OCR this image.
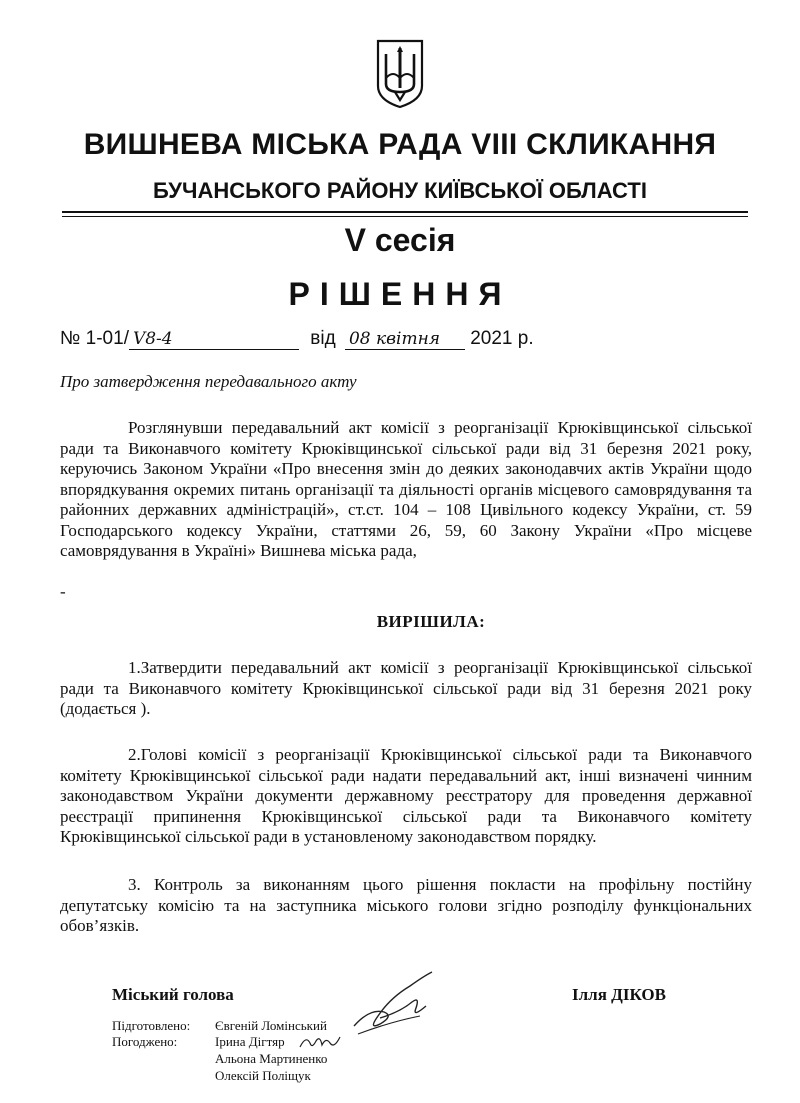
ВИШНЕВА МІСЬКА РАДА VIII СКЛИКАННЯ
БУЧАНСЬКОГО РАЙОНУ КИЇВСЬКОЇ ОБЛАСТІ
V сесія
РІШЕННЯ
№ 1-01/ V8-4	від 08 квітня 2021 р.
Про затвердження передавального акту
Розглянувши передавальний акт комісії з реорганізації Крюківщинської сільської ради та Виконавчого комітету Крюківщинської сільської ради від 31 березня 2021 року, керуючись Законом України «Про внесення змін до деяких законодавчих актів України щодо впорядкування окремих питань організації та діяльності органів місцевого самоврядування та районних державних адміністрацій», ст.ст. 104 – 108 Цивільного кодексу України, ст. 59 Господарського кодексу України, статтями 26, 59, 60 Закону України «Про місцеве самоврядування в Україні» Вишнева міська рада,
-
ВИРІШИЛА:
1.Затвердити передавальний акт комісії з реорганізації Крюківщинської сільської ради та Виконавчого комітету Крюківщинської сільської ради від 31 березня 2021 року (додається ).
2.Голові комісії з реорганізації Крюківщинської сільської ради та Виконавчого комітету Крюківщинської сільської ради надати передавальний акт, інші визначені чинним законодавством України документи державному реєстратору для проведення державної реєстрації припинення Крюківщинської сільської ради та Виконавчого комітету Крюківщинської сільської ради в установленому законодавством порядку.
3. Контроль за виконанням цього рішення покласти на профільну постійну депутатську комісію та на заступника міського голови згідно розподілу функціональних обов’язків.
Міський голова	Ілля ДІКОВ
Підготовлено:
Погоджено:
Євгеній Ломінський
Ірина Дігтяр
Альона Мартиненко
Олексій Поліщук
